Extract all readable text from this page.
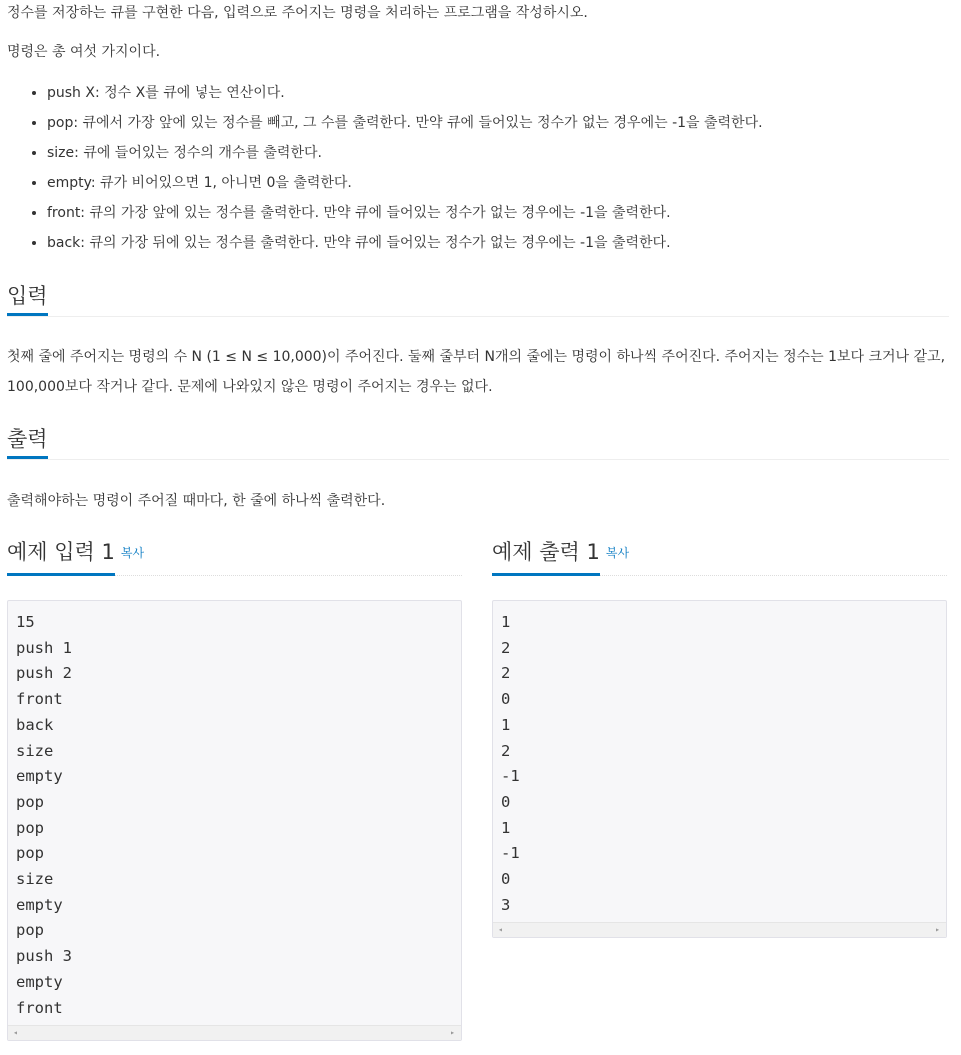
정수를 저장하는 큐를 구현한 다음, 입력으로 주어지는 명령을 처리하는 프로그램을 작성하시오.

명령은 총 여섯 가지이다.

• push X: 정수 X를 큐에 넣는 연산이다.
• pop: 큐에서 가장 앞에 있는 정수를 빼고, 그 수를 출력한다. 만약 큐에 들어있는 정수가 없는 경우에는 -1을 출력한다.
• size: 큐에 들어있는 정수의 개수를 출력한다.
• empty: 큐가 비어있으면 1, 아니면 0을 출력한다.
• front: 큐의 가장 앞에 있는 정수를 출력한다. 만약 큐에 들어있는 정수가 없는 경우에는 -1을 출력한다.
• back: 큐의 가장 뒤에 있는 정수를 출력한다. 만약 큐에 들어있는 정수가 없는 경우에는 -1을 출력한다.
입력

첫째 줄에 주어지는 명령의 수 N (1 ≤ N ≤ 10,000)이 주어진다. 둘째 줄부터 N개의 줄에는 명령이 하나씩 주어진다. 주어지는 정수는 1보다 크거나 같고, 100,000보다 작거나 같다. 문제에 나와있지 않은 명령이 주어지는 경우는 없다.

출력

출력해야하는 명령이 주어질 때마다, 한 줄에 하나씩 출력한다.

예제 입력 1 복사
15
push 1
push 2
front
back
size
empty
pop
pop
pop
size
empty
pop
push 3
empty
front
◂	▸
예제 출력 1 복사
1
2
2
0
1
2
-1
0
1
-1
0
3
◂	▸
